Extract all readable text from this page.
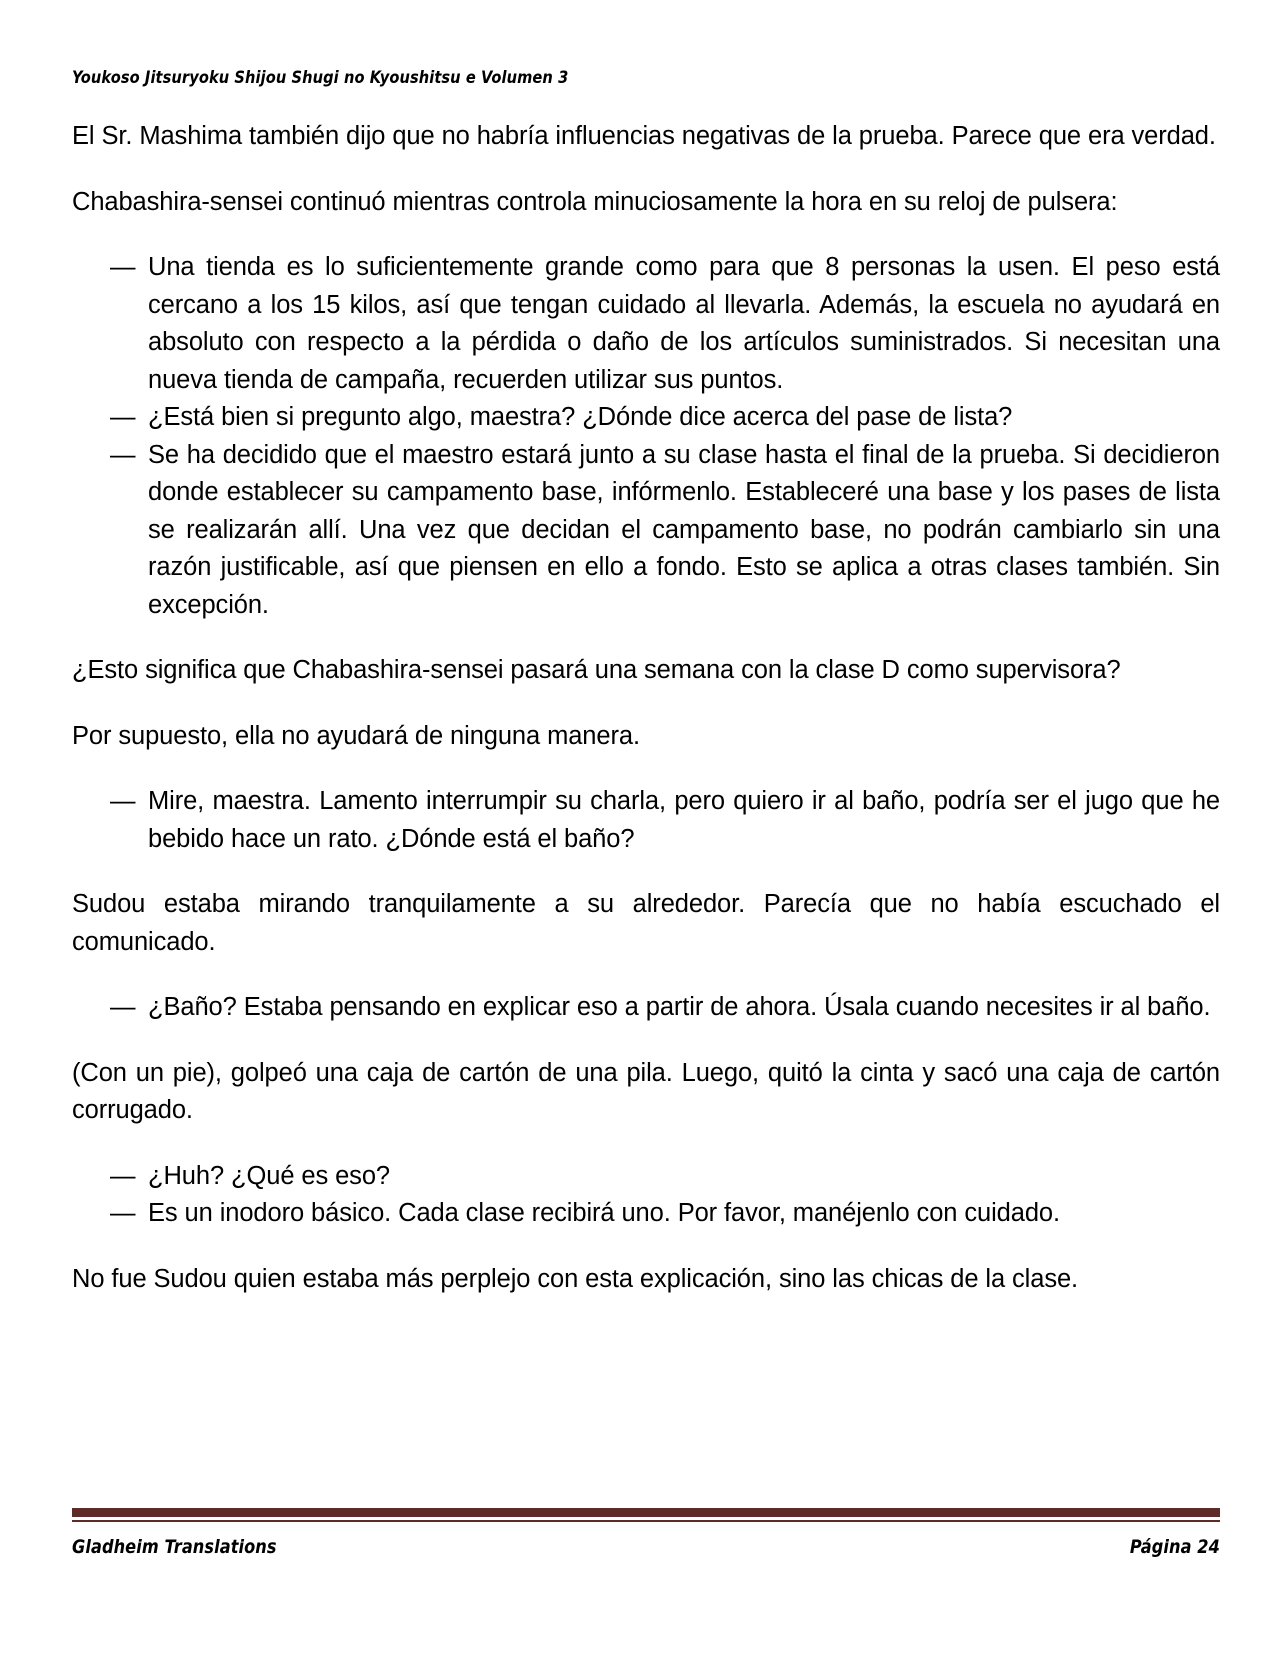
Youkoso Jitsuryoku Shijou Shugi no Kyoushitsu e Volumen 3

El Sr. Mashima también dijo que no habría influencias negativas de la prueba. Parece que era verdad.

Chabashira-sensei continuó mientras controla minuciosamente la hora en su reloj de pulsera:

— Una tienda es lo suficientemente grande como para que 8 personas la usen. El peso está cercano a los 15 kilos, así que tengan cuidado al llevarla. Además, la escuela no ayudará en absoluto con respecto a la pérdida o daño de los artículos suministrados. Si necesitan una nueva tienda de campaña, recuerden utilizar sus puntos.
— ¿Está bien si pregunto algo, maestra? ¿Dónde dice acerca del pase de lista?
— Se ha decidido que el maestro estará junto a su clase hasta el final de la prueba. Si decidieron donde establecer su campamento base, infórmenlo. Estableceré una base y los pases de lista se realizarán allí. Una vez que decidan el campamento base, no podrán cambiarlo sin una razón justificable, así que piensen en ello a fondo. Esto se aplica a otras clases también. Sin excepción.

¿Esto significa que Chabashira-sensei pasará una semana con la clase D como supervisora?

Por supuesto, ella no ayudará de ninguna manera.

— Mire, maestra. Lamento interrumpir su charla, pero quiero ir al baño, podría ser el jugo que he bebido hace un rato. ¿Dónde está el baño?

Sudou estaba mirando tranquilamente a su alrededor. Parecía que no había escuchado el comunicado.

— ¿Baño? Estaba pensando en explicar eso a partir de ahora. Úsala cuando necesites ir al baño.

(Con un pie), golpeó una caja de cartón de una pila. Luego, quitó la cinta y sacó una caja de cartón corrugado.

— ¿Huh? ¿Qué es eso?
— Es un inodoro básico. Cada clase recibirá uno. Por favor, manéjenlo con cuidado.

No fue Sudou quien estaba más perplejo con esta explicación, sino las chicas de la clase.

Gladheim Translations	Página 24
